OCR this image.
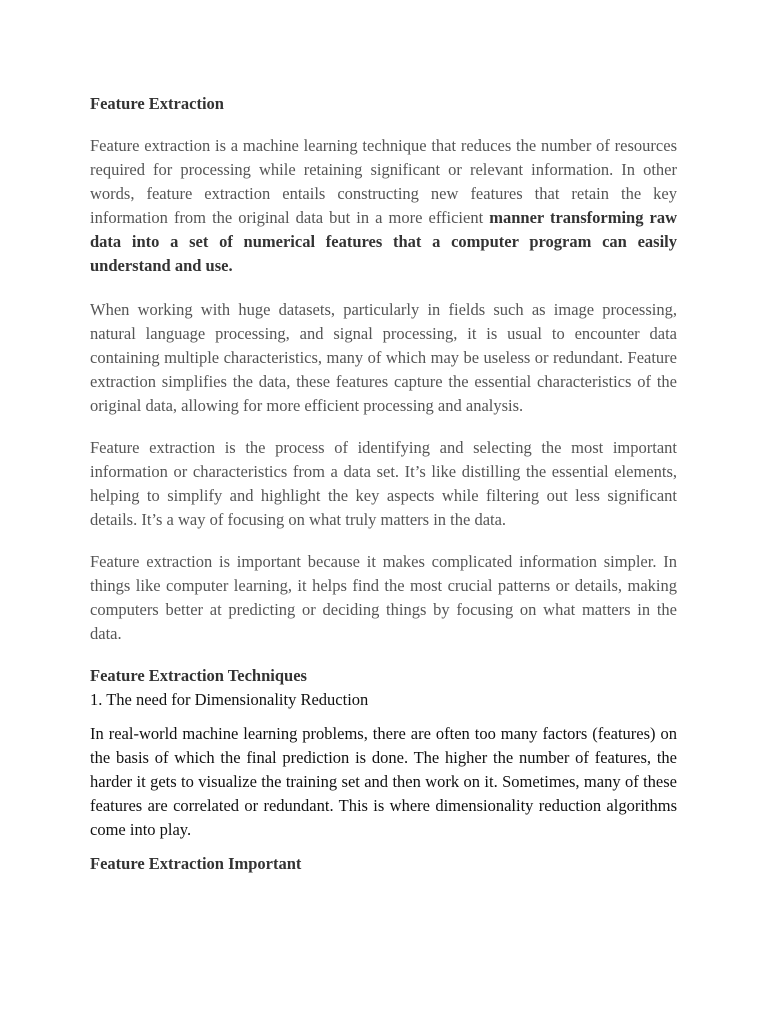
Feature Extraction

Feature extraction is a machine learning technique that reduces the number of resources required for processing while retaining significant or relevant information. In other words, feature extraction entails constructing new features that retain the key information from the original data but in a more efficient manner transforming raw data into a set of numerical features that a computer program can easily understand and use.

When working with huge datasets, particularly in fields such as image processing, natural language processing, and signal processing, it is usual to encounter data containing multiple characteristics, many of which may be useless or redundant. Feature extraction simplifies the data, these features capture the essential characteristics of the original data, allowing for more efficient processing and analysis.

Feature extraction is the process of identifying and selecting the most important information or characteristics from a data set. It’s like distilling the essential elements, helping to simplify and highlight the key aspects while filtering out less significant details. It’s a way of focusing on what truly matters in the data.

Feature extraction is important because it makes complicated information simpler. In things like computer learning, it helps find the most crucial patterns or details, making computers better at predicting or deciding things by focusing on what matters in the data.

Feature Extraction Techniques

1. The need for Dimensionality Reduction

In real-world machine learning problems, there are often too many factors (features) on the basis of which the final prediction is done. The higher the number of features, the harder it gets to visualize the training set and then work on it. Sometimes, many of these features are correlated or redundant. This is where dimensionality reduction algorithms come into play.

Feature Extraction Important
